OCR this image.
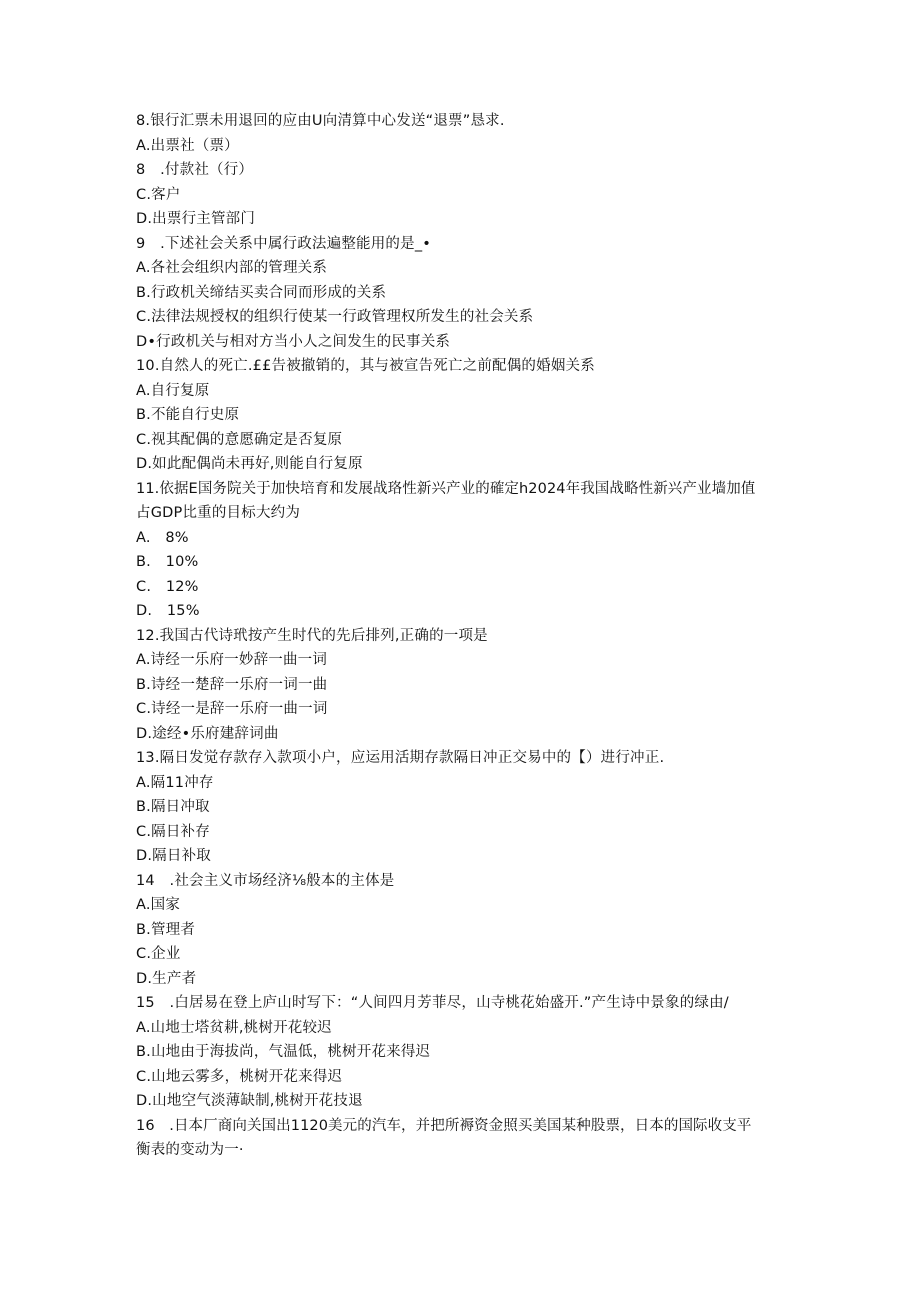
8.银行汇票未用退回的应由U向清算中心发送“退票”恳求.
A.出票社（票）
8　.付款社（行）
C.客户
D.出票行主管部门
9　.下述社会关系中属行政法遍整能用的是_•
A.各社会组织内部的管理关系
B.行政机关缔结买卖合同而形成的关系
C.法律法规授权的组织行使某一行政管理权所发生的社会关系
D•行政机关与相对方当小人之间发生的民事关系
10.自然人的死亡.££告被撤销的，其与被宣告死亡之前配偶的婚姻关系
A.自行复原
B.不能自行史原
C.视其配偶的意愿确定是否复原
D.如此配偶尚未再好,则能自行复原
11.依据E国务院关于加快培育和发展战珞性新兴产业的確定h2024年我国战略性新兴产业墙加值
占GDP比重的目标大约为
A.　8%
B.　10%
C.　12%
D.　15%
12.我国古代诗玳按产生时代的先后排列,正确的一项是
A.诗经一乐府一妙辞一曲一词
B.诗经一楚辞一乐府一词一曲
C.诗经一是辞一乐府一曲一词
D.途经•乐府建辞词曲
13.隔日发觉存款存入款项小户，应运用活期存款隔日冲正交易中的【）进行冲正.
A.隔11冲存
B.隔日冲取
C.隔日补存
D.隔日补取
14　.社会主义市场经济⅛般本的主体是
A.国家
B.管理者
C.企业
D.生产者
15　.白居易在登上庐山时写下：“人间四月芳菲尽，山寺桃花始盛开.”产生诗中景象的绿由/
A.山地士塔贫耕,桃树开花较迟
B.山地由于海拔尚，气温低，桃树开花来得迟
C.山地云雾多，桃树开花来得迟
D.山地空气淡薄缺制,桃树开花技退
16　.日本厂商向关国出1120美元的汽车，并把所褥资金照买美国某种股票，日本的国际收支平
衡表的变动为一·
